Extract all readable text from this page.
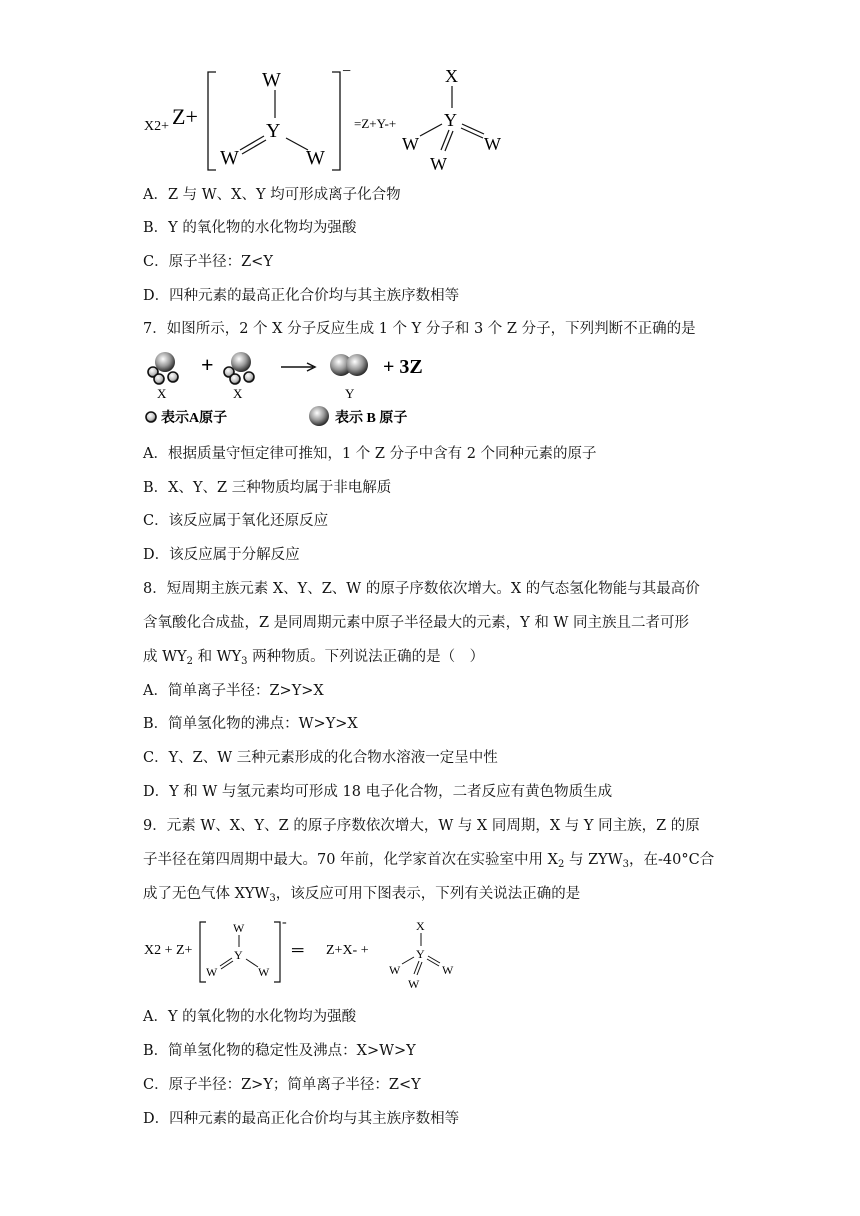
X2+ Z+
−
W
Y
W	W
=Z+Y-+
X
Y
W	W
W
A．Z 与 W、X、Y 均可形成离子化合物
B．Y 的氧化物的水化物均为强酸
C．原子半径：Z<Y
D．四种元素的最高正化合价均与其主族序数相等
7．如图所示，2 个 X 分子反应生成 1 个 Y 分子和 3 个 Z 分子，下列判断不正确的是
+	+ 3Z
X	X	Y
表示A原子	表示 B 原子
A．根据质量守恒定律可推知，1 个 Z 分子中含有 2 个同种元素的原子
B．X、Y、Z 三种物质均属于非电解质
C．该反应属于氧化还原反应
D．该反应属于分解反应
8．短周期主族元素 X、Y、Z、W 的原子序数依次增大。X 的气态氢化物能与其最高价
含氧酸化合成盐，Z 是同周期元素中原子半径最大的元素，Y 和 W 同主族且二者可形
成 $WY_2$ 和 $WY_3$ 两种物质。下列说法正确的是（　）
A．简单离子半径：Z>Y>X
B．简单氢化物的沸点：W>Y>X
C．Y、Z、W 三种元素形成的化合物水溶液一定呈中性
D．Y 和 W 与氢元素均可形成 18 电子化合物，二者反应有黄色物质生成
9．元素 W、X、Y、Z 的原子序数依次增大，W 与 X 同周期，X 与 Y 同主族，Z 的原
子半径在第四周期中最大。70 年前，化学家首次在实验室中用 $X_2$ 与 $ZYW_3$，在-40°C合
成了无色气体 $XYW_3$，该反应可用下图表示，下列有关说法正确的是
X2 + Z+
-
W
Y
W	W
═ Z+X- +
X
Y
W	W
W
A．Y 的氧化物的水化物均为强酸
B．简单氢化物的稳定性及沸点：X>W>Y
C．原子半径：Z>Y；简单离子半径：Z<Y
D．四种元素的最高正化合价均与其主族序数相等
